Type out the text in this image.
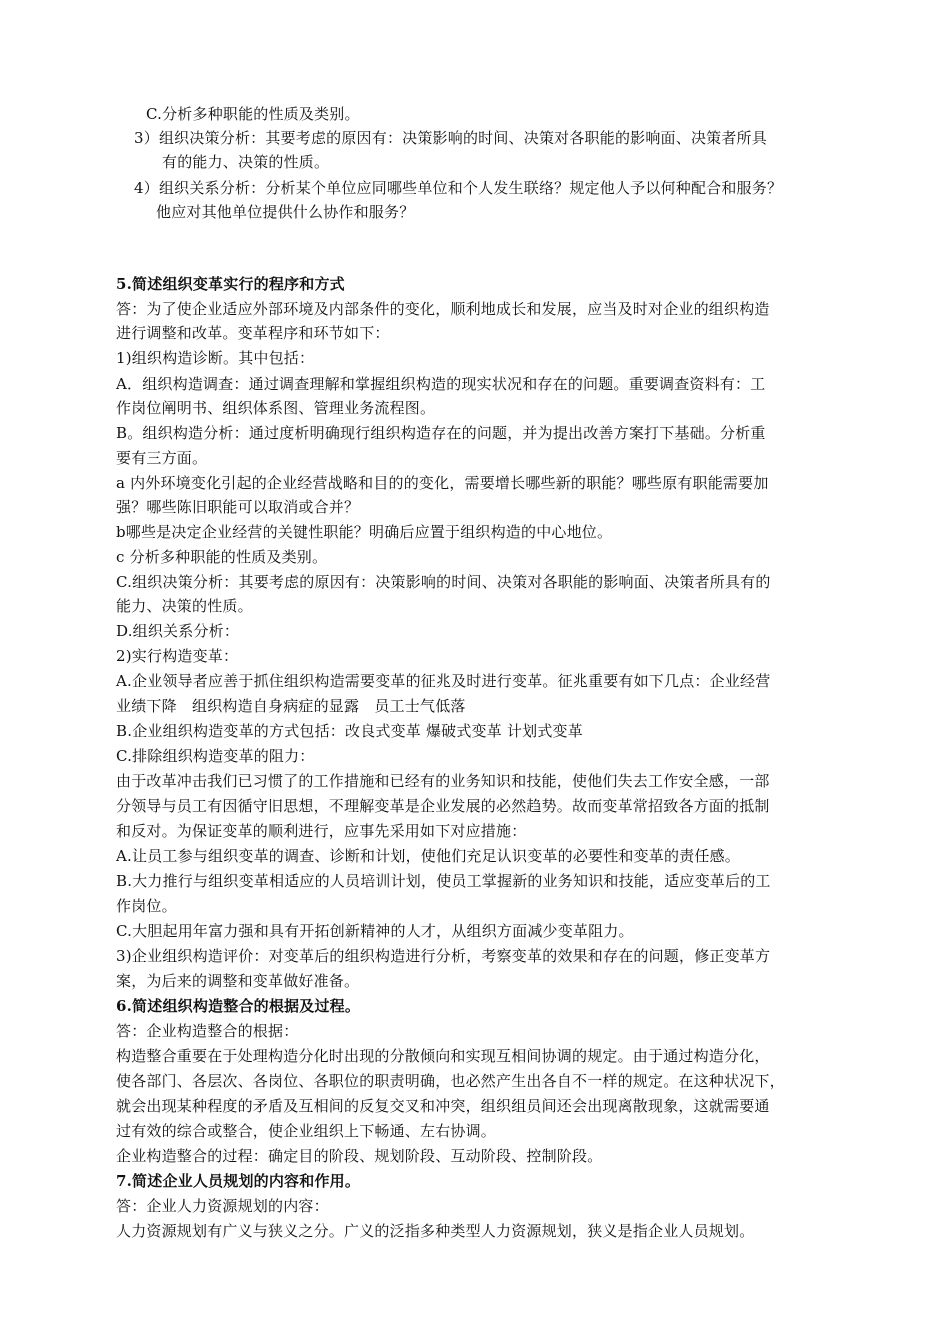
C.分析多种职能的性质及类别。
3）组织决策分析：其要考虑的原因有：决策影响的时间、决策对各职能的影响面、决策者所具
有的能力、决策的性质。
4）组织关系分析：分析某个单位应同哪些单位和个人发生联络？规定他人予以何种配合和服务？
他应对其他单位提供什么协作和服务？
5.简述组织变革实行的程序和方式
答：为了使企业适应外部环境及内部条件的变化，顺利地成长和发展，应当及时对企业的组织构造
进行调整和改革。变革程序和环节如下：
1)组织构造诊断。其中包括：
A．组织构造调查：通过调查理解和掌握组织构造的现实状况和存在的问题。重要调查资料有：工
作岗位阐明书、组织体系图、管理业务流程图。
B。组织构造分析：通过度析明确现行组织构造存在的问题，并为提出改善方案打下基础。分析重
要有三方面。
a 内外环境变化引起的企业经营战略和目的的变化，需要增长哪些新的职能？哪些原有职能需要加
强？哪些陈旧职能可以取消或合并？
b哪些是决定企业经营的关键性职能？明确后应置于组织构造的中心地位。
c 分析多种职能的性质及类别。
C.组织决策分析：其要考虑的原因有：决策影响的时间、决策对各职能的影响面、决策者所具有的
能力、决策的性质。
D.组织关系分析：
2)实行构造变革：
A.企业领导者应善于抓住组织构造需要变革的征兆及时进行变革。征兆重要有如下几点：企业经营
业绩下降　组织构造自身病症的显露　员工士气低落
B.企业组织构造变革的方式包括：改良式变革 爆破式变革 计划式变革
C.排除组织构造变革的阻力：
由于改革冲击我们已习惯了的工作措施和已经有的业务知识和技能，使他们失去工作安全感，一部
分领导与员工有因循守旧思想，不理解变革是企业发展的必然趋势。故而变革常招致各方面的抵制
和反对。为保证变革的顺利进行，应事先采用如下对应措施：
A.让员工参与组织变革的调查、诊断和计划，使他们充足认识变革的必要性和变革的责任感。
B.大力推行与组织变革相适应的人员培训计划，使员工掌握新的业务知识和技能，适应变革后的工
作岗位。
C.大胆起用年富力强和具有开拓创新精神的人才，从组织方面减少变革阻力。
3)企业组织构造评价：对变革后的组织构造进行分析，考察变革的效果和存在的问题，修正变革方
案，为后来的调整和变革做好准备。
6.简述组织构造整合的根据及过程。
答：企业构造整合的根据：
构造整合重要在于处理构造分化时出现的分散倾向和实现互相间协调的规定。由于通过构造分化，
使各部门、各层次、各岗位、各职位的职责明确，也必然产生出各自不一样的规定。在这种状况下，
就会出现某种程度的矛盾及互相间的反复交叉和冲突，组织组员间还会出现离散现象，这就需要通
过有效的综合或整合，使企业组织上下畅通、左右协调。
企业构造整合的过程：确定目的阶段、规划阶段、互动阶段、控制阶段。
7.简述企业人员规划的内容和作用。
答：企业人力资源规划的内容：
人力资源规划有广义与狭义之分。广义的泛指多种类型人力资源规划，狭义是指企业人员规划。
